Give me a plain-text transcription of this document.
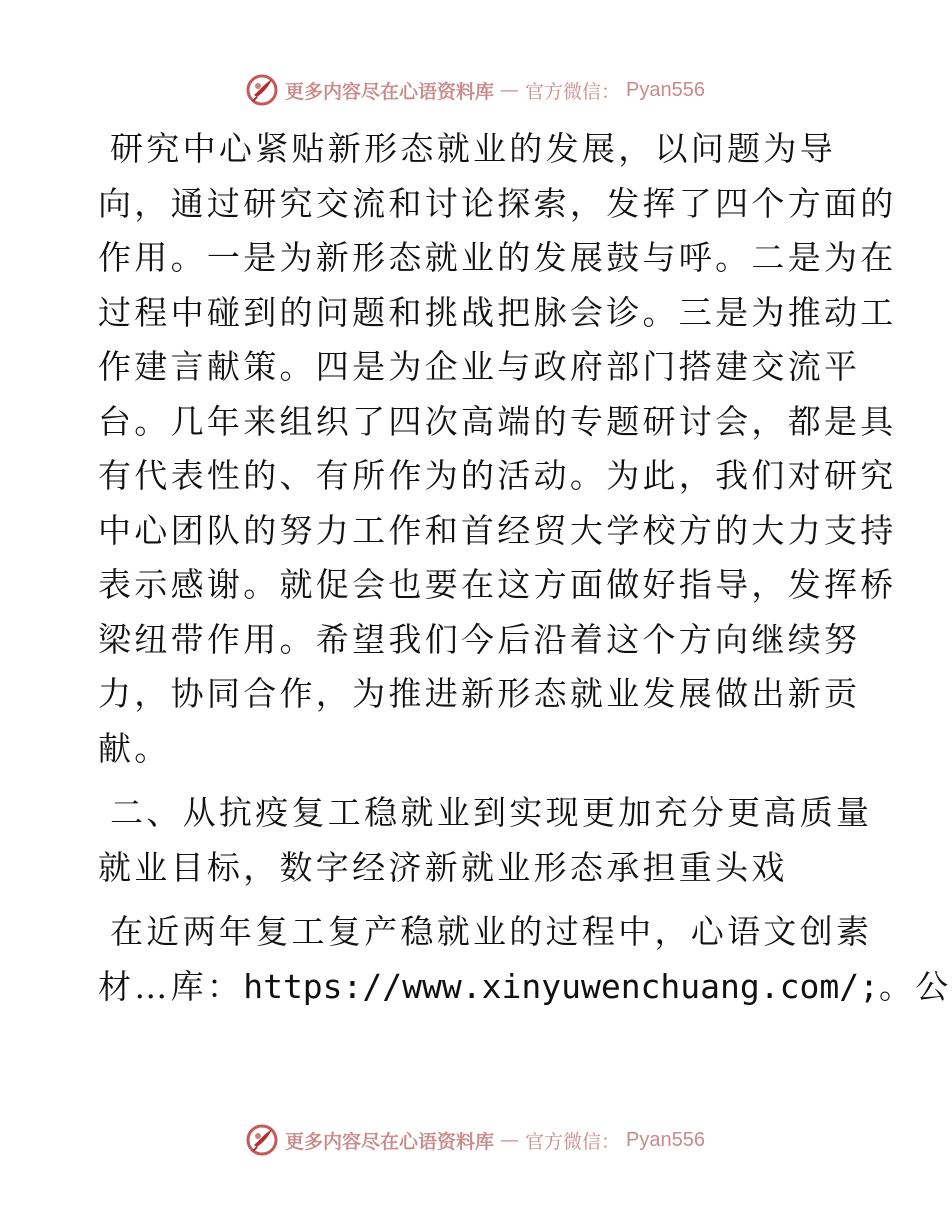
更多内容尽在心语资料库 — 官方微信： Pyan556
研究中心紧贴新形态就业的发展，以问题为导
向，通过研究交流和讨论探索，发挥了四个方面的
作用。一是为新形态就业的发展鼓与呼。二是为在
过程中碰到的问题和挑战把脉会诊。三是为推动工
作建言献策。四是为企业与政府部门搭建交流平
台。几年来组织了四次高端的专题研讨会，都是具
有代表性的、有所作为的活动。为此，我们对研究
中心团队的努力工作和首经贸大学校方的大力支持
表示感谢。就促会也要在这方面做好指导，发挥桥
梁纽带作用。希望我们今后沿着这个方向继续努
力，协同合作，为推进新形态就业发展做出新贡
献。
二、从抗疫复工稳就业到实现更加充分更高质量
就业目标，数字经济新就业形态承担重头戏
在近两年复工复产稳就业的过程中，心语文创素
材…库：https://www.xinyuwenchuang.com/;。公
更多内容尽在心语资料库 — 官方微信： Pyan556
